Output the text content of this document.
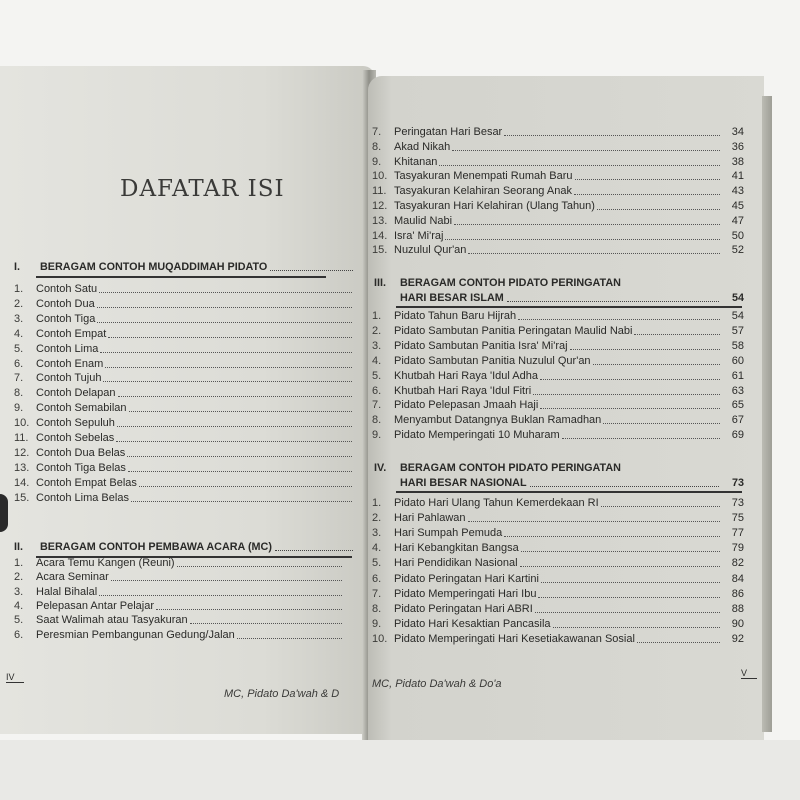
DAFATAR ISI
I.	BERAGAM CONTOH MUQADDIMAH PIDATO
1.	Contoh Satu
2.	Contoh Dua
3.	Contoh Tiga
4.	Contoh Empat
5.	Contoh Lima
6.	Contoh Enam
7.	Contoh Tujuh
8.	Contoh Delapan
9.	Contoh Semabilan
10. Contoh Sepuluh
11. Contoh Sebelas
12. Contoh Dua Belas
13. Contoh Tiga Belas
14. Contoh Empat Belas
15. Contoh Lima Belas
II.	BERAGAM CONTOH PEMBAWA ACARA (MC)
1.	Acara Temu Kangen (Reuni)
2.	Acara Seminar
3.	Halal Bihalal
4.	Pelepasan Antar Pelajar
5.	Saat Walimah atau Tasyakuran
6.	Peresmian Pembangunan Gedung/Jalan
IV
MC, Pidato Da'wah & D
7.	Peringatan Hari Besar	34
8.	Akad Nikah	36
9.	Khitanan	38
10. Tasyakuran Menempati Rumah Baru	41
11. Tasyakuran Kelahiran Seorang Anak	43
12. Tasyakuran Hari Kelahiran (Ulang Tahun)	45
13. Maulid Nabi	47
14. Isra' Mi'raj	50
15. Nuzulul Qur'an	52
III.	BERAGAM CONTOH PIDATO PERINGATAN
HARI BESAR ISLAM	54
1.	Pidato Tahun Baru Hijrah	54
2.	Pidato Sambutan Panitia Peringatan Maulid Nabi	57
3.	Pidato Sambutan Panitia Isra' Mi'raj	58
4.	Pidato Sambutan Panitia Nuzulul Qur'an	60
5.	Khutbah Hari Raya 'Idul Adha	61
6.	Khutbah Hari Raya 'Idul Fitri	63
7.	Pidato Pelepasan Jmaah Haji	65
8.	Menyambut Datangnya Buklan Ramadhan	67
9.	Pidato Memperingati 10 Muharam	69
IV.	BERAGAM CONTOH PIDATO PERINGATAN
HARI BESAR NASIONAL	73
1.	Pidato Hari Ulang Tahun Kemerdekaan RI	73
2.	Hari Pahlawan	75
3.	Hari Sumpah Pemuda	77
4.	Hari Kebangkitan Bangsa	79
5.	Hari Pendidikan Nasional	82
6.	Pidato Peringatan Hari Kartini	84
7.	Pidato Memperingati Hari Ibu	86
8.	Pidato Peringatan Hari ABRI	88
9.	Pidato Hari Kesaktian Pancasila	90
10. Pidato Memperingati Hari Kesetiakawanan Sosial	92
V
MC, Pidato Da'wah & Do'a
